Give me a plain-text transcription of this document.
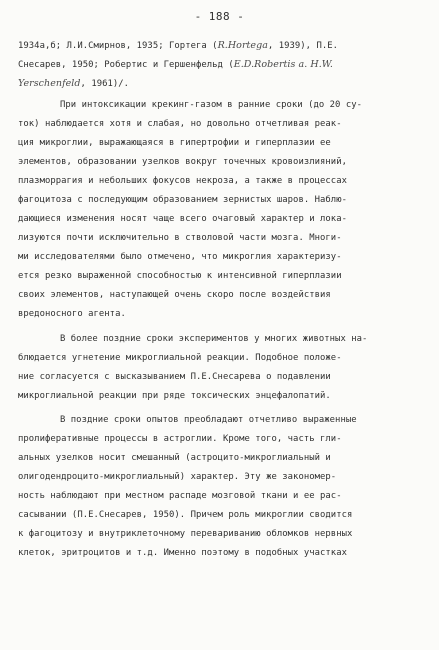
- 188 -
1934а,б; Л.И.Смирнов, 1935; Гортега (R.Hortega, 1939), П.Е.
Снесарев, 1950; Робертис и Гершенфельд (E.D.Robertis a. H.W.
Yerschenfeld, 1961)/.
При интоксикации крекинг-газом в ранние сроки (до 20 су-
ток) наблюдается хотя и слабая, но довольно отчетливая реак-
ция микроглии, выражающаяся в гипертрофии и гиперплазии ее
элементов, образовании узелков вокруг точечных кровоизлияний,
плазморрагия и небольших фокусов некроза, а также в процессах
фагоцитоза с последующим образованием зернистых шаров. Наблю-
дающиеся изменения носят чаще всего очаговый характер и лока-
лизуются почти исключительно в стволовой части мозга. Многи-
ми исследователями было отмечено, что микроглия характеризу-
ется резко выраженной способностью к интенсивной гиперплазии
своих элементов, наступающей очень скоро после воздействия
вредоносного агента.
В более поздние сроки экспериментов у многих животных на-
блюдается угнетение микроглиальной реакции. Подобное положе-
ние согласуется с высказыванием П.Е.Снесарева о подавлении
микроглиальной реакции при ряде токсических энцефалопатий.
В поздние сроки опытов преобладают отчетливо выраженные
пролиферативные процессы в астроглии. Кроме того, часть гли-
альных узелков носит смешанный (астроцито-микроглиальный и
олигодендроцито-микроглиальный) характер. Эту же закономер-
ность наблюдают при местном распаде мозговой ткани и ее рас-
сасывании (П.Е.Снесарев, 1950). Причем роль микроглии сводится
к фагоцитозу и внутриклеточному перевариванию обломков нервных
клеток, эритроцитов и т.д. Именно поэтому в подобных участках
